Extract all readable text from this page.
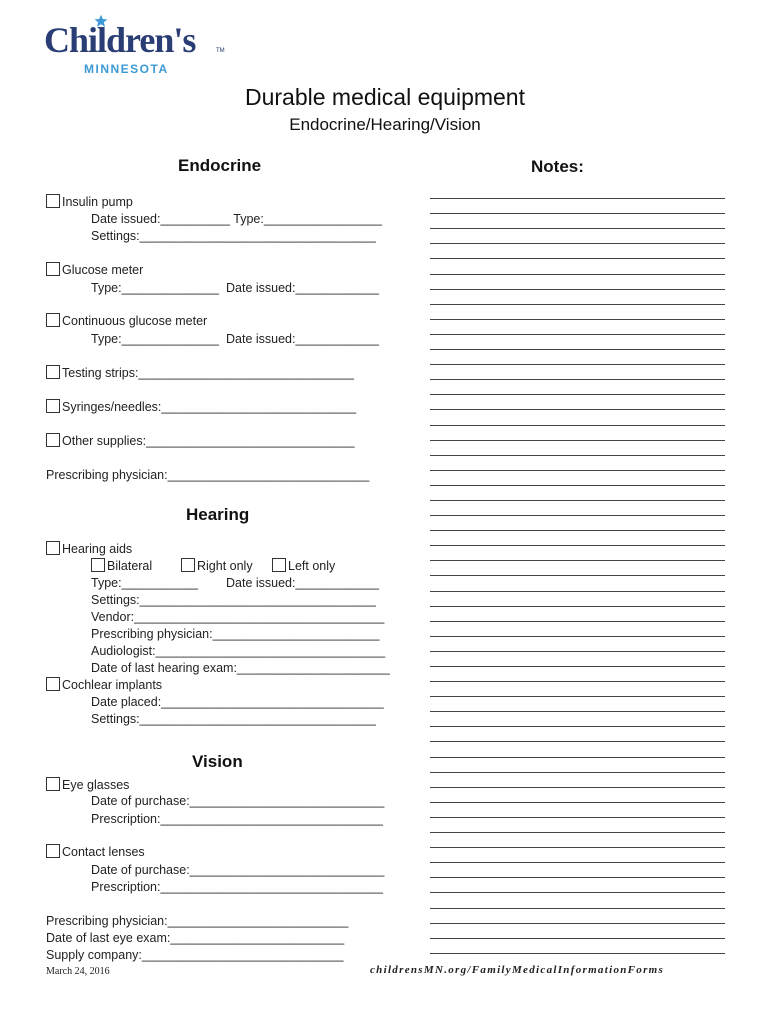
Children's	TM
MINNESOTA
Durable medical equipment
Endocrine/Hearing/Vision
Endocrine
Insulin pump
Date issued:__________ Type:_________________
Settings:__________________________________
Glucose meter
Type:______________ Date issued:____________
Continuous glucose meter
Type:______________ Date issued:____________
Testing strips:_______________________________
Syringes/needles:____________________________
Other supplies:______________________________
Prescribing physician:_____________________________
Hearing
Hearing aids
Bilateral	Right only	Left only
Type:___________ Date issued:____________
Settings:__________________________________
Vendor:____________________________________
Prescribing physician:________________________
Audiologist:_________________________________
Date of last hearing exam:______________________
Cochlear implants
Date placed:________________________________
Settings:__________________________________
Vision
Eye glasses
Date of purchase:____________________________
Prescription:________________________________
Contact lenses
Date of purchase:____________________________
Prescription:________________________________
Prescribing physician:__________________________
Date of last eye exam:_________________________
Supply company:_____________________________
Notes:
March 24, 2016	childrensMN.org/FamilyMedicalInformationForms
